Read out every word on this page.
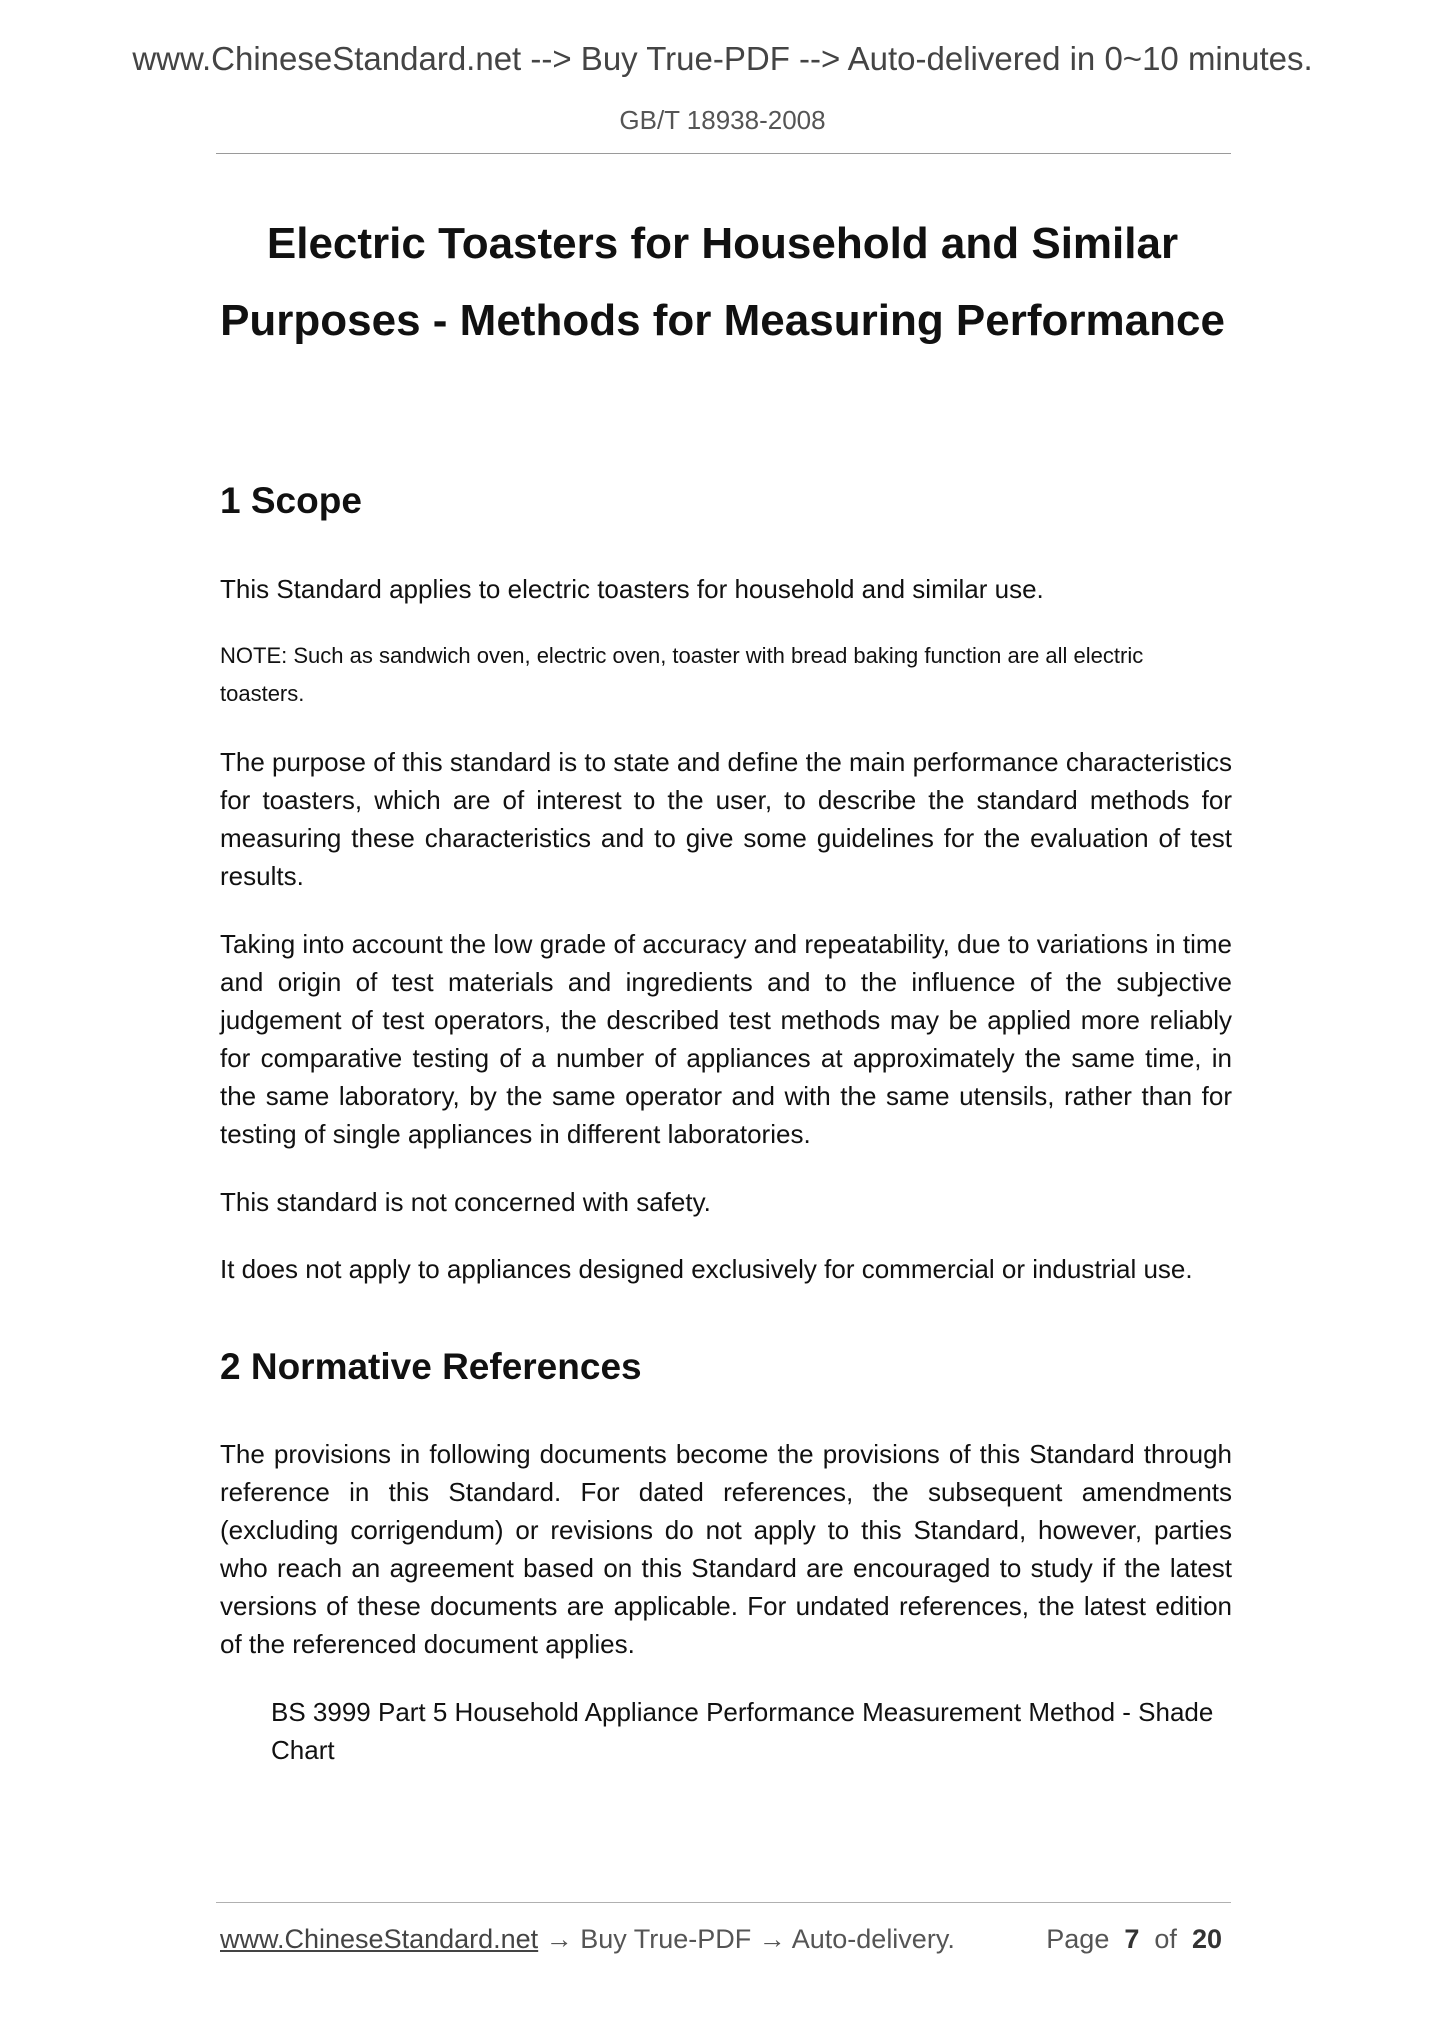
www.ChineseStandard.net --> Buy True-PDF --> Auto-delivered in 0~10 minutes.
GB/T 18938-2008
Electric Toasters for Household and Similar
Purposes - Methods for Measuring Performance
1 Scope
This Standard applies to electric toasters for household and similar use.
NOTE: Such as sandwich oven, electric oven, toaster with bread baking function are all electric toasters.
The purpose of this standard is to state and define the main performance characteristics for toasters, which are of interest to the user, to describe the standard methods for measuring these characteristics and to give some guidelines for the evaluation of test results.
Taking into account the low grade of accuracy and repeatability, due to variations in time and origin of test materials and ingredients and to the influence of the subjective judgement of test operators, the described test methods may be applied more reliably for comparative testing of a number of appliances at approximately the same time, in the same laboratory, by the same operator and with the same utensils, rather than for testing of single appliances in different laboratories.
This standard is not concerned with safety.
It does not apply to appliances designed exclusively for commercial or industrial use.
2 Normative References
The provisions in following documents become the provisions of this Standard through reference in this Standard. For dated references, the subsequent amendments (excluding corrigendum) or revisions do not apply to this Standard, however, parties who reach an agreement based on this Standard are encouraged to study if the latest versions of these documents are applicable. For undated references, the latest edition of the referenced document applies.
BS 3999 Part 5 Household Appliance Performance Measurement Method - Shade Chart
www.ChineseStandard.net → Buy True-PDF → Auto-delivery.	Page 7 of 20
